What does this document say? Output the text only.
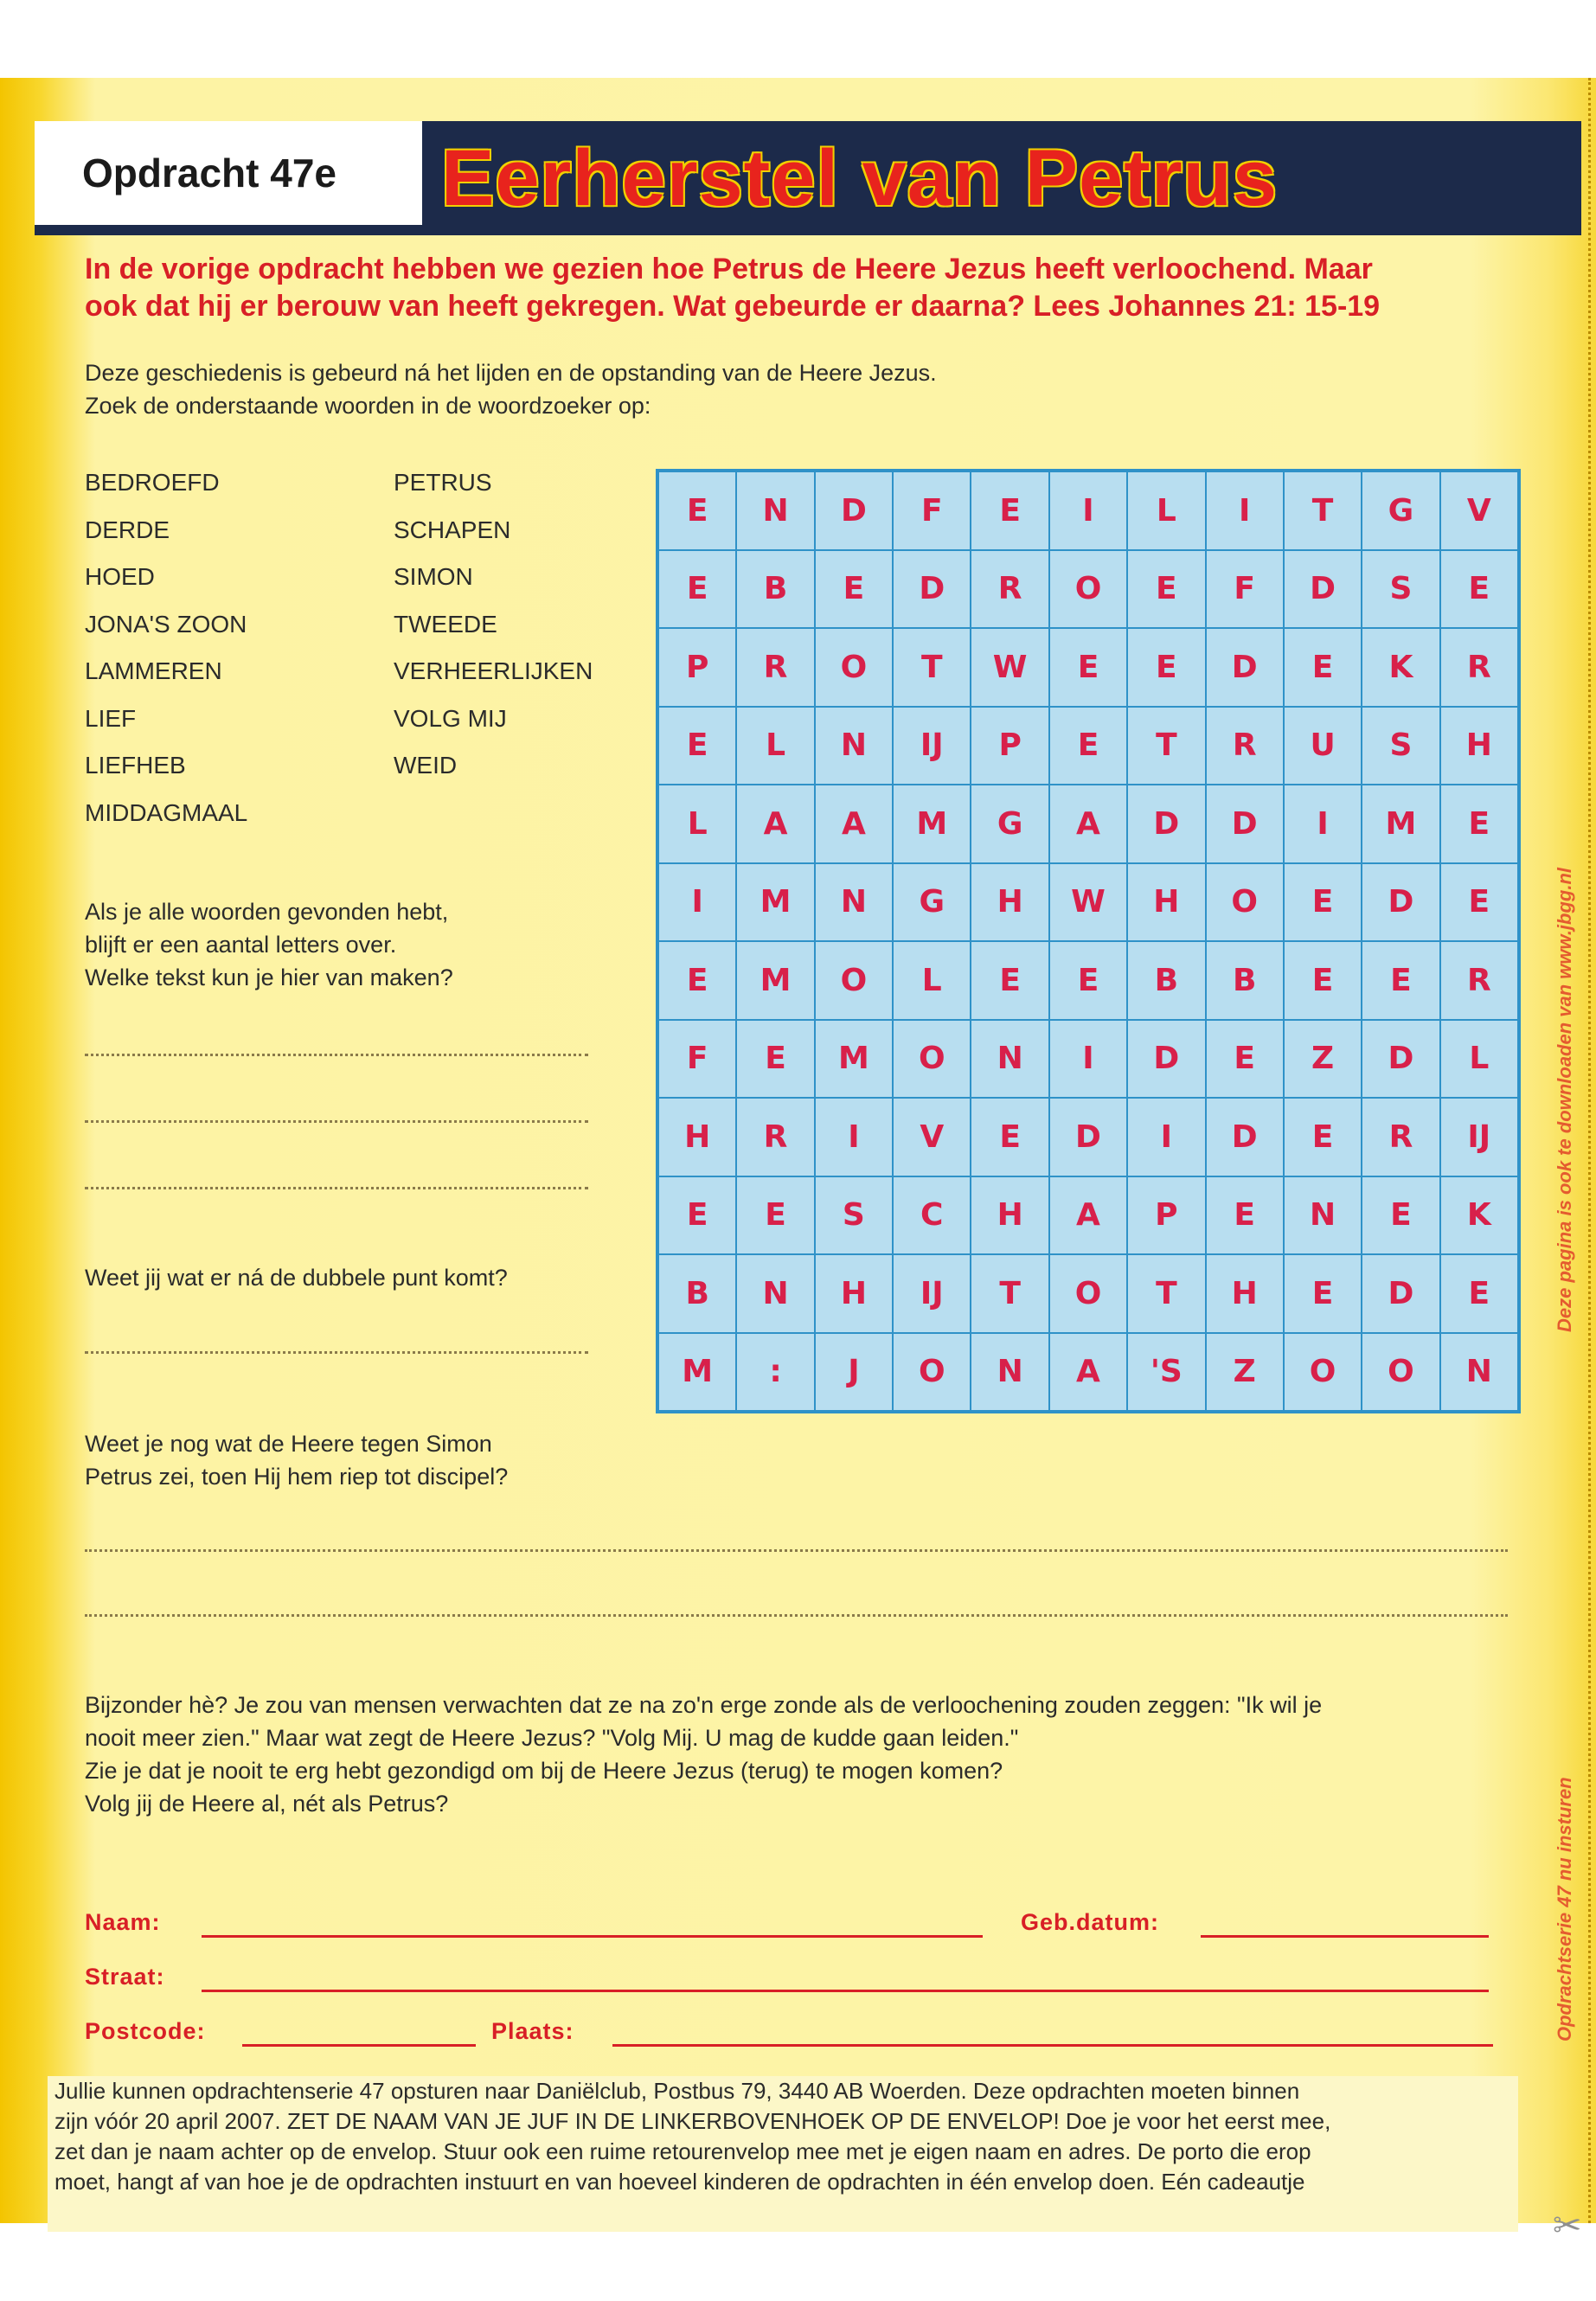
Opdracht 47e Eerherstel van Petrus
In de vorige opdracht hebben we gezien hoe Petrus de Heere Jezus heeft verloochend. Maar
ook dat hij er berouw van heeft gekregen. Wat gebeurde er daarna? Lees Johannes 21: 15-19
Deze geschiedenis is gebeurd ná het lijden en de opstanding van de Heere Jezus.
Zoek de onderstaande woorden in de woordzoeker op:
BEDROEFD
DERDE
HOED
JONA'S ZOON
LAMMEREN
LIEF
LIEFHEB
MIDDAGMAAL
PETRUS
SCHAPEN
SIMON
TWEEDE
VERHEERLIJKEN
VOLG MIJ
WEID
Als je alle woorden gevonden hebt,
blijft er een aantal letters over.
Welke tekst kun je hier van maken?
Weet jij wat er ná de dubbele punt komt?
E	N	D	F	E	I	L	I	T	G	V
E	B	E	D	R	O	E	F	D	S	E
P	R	O	T	W	E	E	D	E	K	R
E	L	N	IJ	P	E	T	R	U	S	H
L	A	A	M	G	A	D	D	I	M	E
I	M	N	G	H	W	H	O	E	D	E
E	M	O	L	E	E	B	B	E	E	R
F	E	M	O	N	I	D	E	Z	D	L
H	R	I	V	E	D	I	D	E	R	IJ
E	E	S	C	H	A	P	E	N	E	K
B	N	H	IJ	T	O	T	H	E	D	E
M	:	J	O	N	A	'S	Z	O	O	N
Weet je nog wat de Heere tegen Simon
Petrus zei, toen Hij hem riep tot discipel?
Bijzonder hè? Je zou van mensen verwachten dat ze na zo'n erge zonde als de verloochening zouden zeggen: "Ik wil je
nooit meer zien." Maar wat zegt de Heere Jezus? "Volg Mij. U mag de kudde gaan leiden."
Zie je dat je nooit te erg hebt gezondigd om bij de Heere Jezus (terug) te mogen komen?
Volg jij de Heere al, nét als Petrus?
Naam:	Geb.datum:
Straat:
Postcode:	Plaats:
Jullie kunnen opdrachtenserie 47 opsturen naar Daniëlclub, Postbus 79, 3440 AB Woerden. Deze opdrachten moeten binnen
zijn vóór 20 april 2007. ZET DE NAAM VAN JE JUF IN DE LINKERBOVENHOEK OP DE ENVELOP! Doe je voor het eerst mee,
zet dan je naam achter op de envelop. Stuur ook een ruime retourenvelop mee met je eigen naam en adres. De porto die erop
moet, hangt af van hoe je de opdrachten instuurt en van hoeveel kinderen de opdrachten in één envelop doen. Eén cadeautje
Deze pagina is ook te downloaden van www.jbgg.nl
Opdrachtserie 47 nu insturen
✂
